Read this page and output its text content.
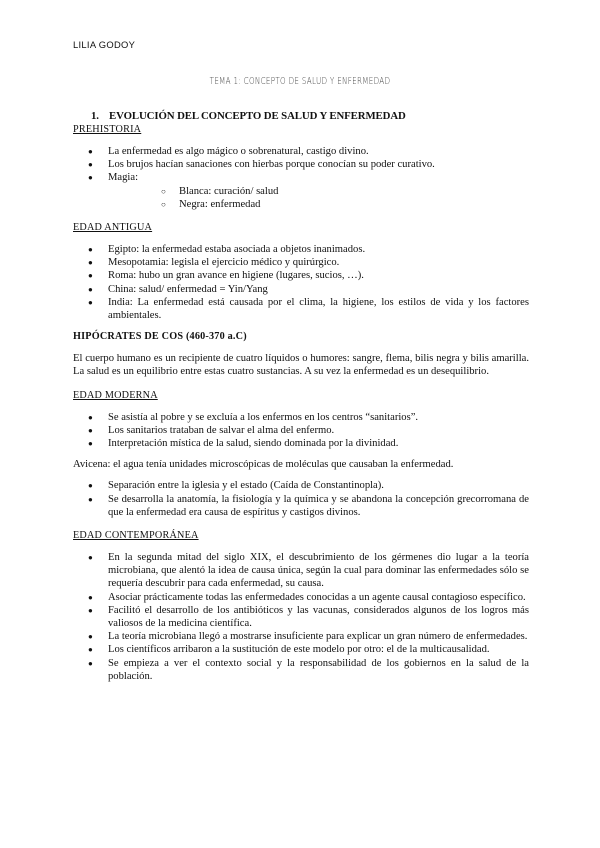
LILIA GODOY
TEMA 1: CONCEPTO DE SALUD Y ENFERMEDAD
1. EVOLUCIÓN DEL CONCEPTO DE SALUD Y ENFERMEDAD
PREHISTORIA
● La enfermedad es algo mágico o sobrenatural, castigo divino.
● Los brujos hacían sanaciones con hierbas porque conocían su poder curativo.
● Magia:
○ Blanca: curación/ salud
○ Negra: enfermedad
EDAD ANTIGUA
● Egipto: la enfermedad estaba asociada a objetos inanimados.
● Mesopotamia: legisla el ejercicio médico y quirúrgico.
● Roma: hubo un gran avance en higiene (lugares, sucios, …).
● China: salud/ enfermedad = Yin/Yang
● India: La enfermedad está causada por el clima, la higiene, los estilos de vida y los factores ambientales.
HIPÓCRATES DE COS (460-370 a.C)

El cuerpo humano es un recipiente de cuatro líquidos o humores: sangre, flema, bilis negra y bilis amarilla. La salud es un equilibrio entre estas cuatro sustancias. A su vez la enfermedad es un desequilibrio.

EDAD MODERNA
● Se asistía al pobre y se excluía a los enfermos en los centros “sanitarios”.
● Los sanitarios trataban de salvar el alma del enfermo.
● Interpretación mística de la salud, siendo dominada por la divinidad.

Avicena: el agua tenía unidades microscópicas de moléculas que causaban la enfermedad.

● Separación entre la iglesia y el estado (Caída de Constantinopla).
● Se desarrolla la anatomía, la fisiología y la química y se abandona la concepción grecorromana de que la enfermedad era causa de espíritus y castigos divinos.
EDAD CONTEMPORÁNEA
● En la segunda mitad del siglo XIX, el descubrimiento de los gérmenes dio lugar a la teoría microbiana, que alentó la idea de causa única, según la cual para dominar las enfermedades sólo se requería descubrir para cada enfermedad, su causa.
● Asociar prácticamente todas las enfermedades conocidas a un agente causal contagioso específico.
● Facilitó el desarrollo de los antibióticos y las vacunas, considerados algunos de los logros más valiosos de la medicina científica.
● La teoría microbiana llegó a mostrarse insuficiente para explicar un gran número de enfermedades.
● Los científicos arribaron a la sustitución de este modelo por otro: el de la multicausalidad.
● Se empieza a ver el contexto social y la responsabilidad de los gobiernos en la salud de la población.
